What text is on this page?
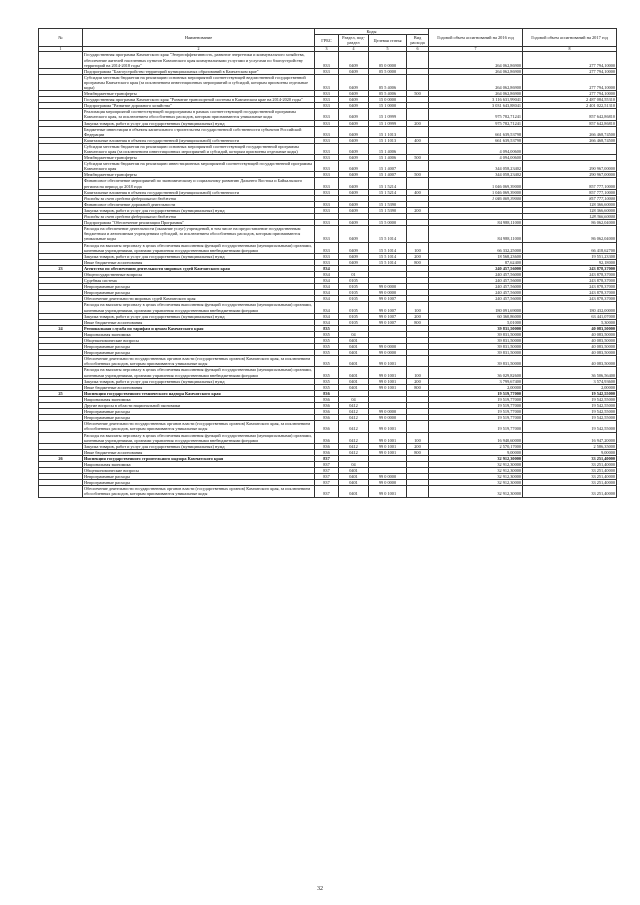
№	Наименование	Коды				Годовой объем ассигнований на 2016 год	Годовой объем ассигнований на 2017 год
		ГРБС	Раздел, под-раздел	Целевая статья	Вид расхода		
1	2	3	4	5	6	7	8
	Государственная программа Камчатского края "Энергоэффективность, развитие энергетики и коммунального хозяйства, обеспечение жителей населенных пунктов Камчатского края коммунальными услугами и услугами по благоустройству территорий на 2014-2018 годы"	833	0409	05 0 0000		264 062,86900	277 794,10000
	Подпрограмма "Благоустройство территорий муниципальных образований в Камчатском крае"	833	0409	05 5 0000		264 062,86900	277 794,10000
	Субсидии местным бюджетам на реализацию основных мероприятий соответствующей ведомственной государственной программы Камчатского края (за исключением инвестиционных мероприятий и субсидий, которым присвоены отдельные коды)	833	0409	05 5 4006		264 062,86900	277 794,10000
	Межбюджетные трансферты	833	0409	05 5 4006	500	264 062,86900	277 794,10000
	Государственная программа Камчатского края "Развитие транспортной системы в Камчатском крае на 2014-2020 годы"	833	0409	15 0 0000		3 116 631,99041	2 487 084,55310
	Подпрограмма "Развитие дорожного хозяйства"	833	0409	15 1 0000		3 031 643,88041	2 401 022,51310
	Реализация мероприятий соответствующей подпрограммы в рамках соответствующей государственной программы Камчатского края, за исключением обособленных расходов, которым присваиваются уникальные коды	833	0409	15 1 0999		975 782,71241	857 642,86810
	Закупка товаров, работ и услуг для государственных (муниципальных) нужд	833	0409	15 1 0999	200	975 782,71241	857 642,86810
	Бюджетные инвестиции в объекты капитального строительства государственной собственности субъектов Российской Федерации	833	0409	15 1 1013		661 639,53798	266 468,74500
	Капитальные вложения в объекты государственной (муниципальной) собственности	833	0409	15 1 1013	400	661 639,53798	266 468,74500
	Субсидии местным бюджетам на реализацию основных мероприятий соответствующей государственной программы Камчатского края (за исключением инвестиционных мероприятий и субсидий, которым присвоены отдельные коды)	833	0409	15 1 4006		4 094,00600	
	Межбюджетные трансферты	833	0409	15 1 4006	500	4 094,00600	
	Субсидии местным бюджетам на реализацию инвестиционных мероприятий соответствующей государственной программы Камчатского края	833	0409	15 1 4007		344 058,23402	290 967,00000
	Межбюджетные трансферты	833	0409	15 1 4007	500	344 058,23402	290 967,00000
	Финансовое обеспечение мероприятий по экономическому и социальному развитию Дальнего Востока и Байкальского региона на период до 2018 года	833	0409	15 1 5214		1 046 069,39000	857 777,10000
	Капитальные вложения в объекты государственной (муниципальной) собственности	833	0409	15 1 5214	400	1 046 069,39000	857 777,10000
	Расходы за счет средств федерального бюджета					1 046 069,39000	857 777,10000
	Финансовое обеспечение дорожной деятельности	833	0409	15 1 5390			128 366,60000
	Закупка товаров, работ и услуг для государственных (муниципальных) нужд	833	0409	15 1 5390	200		128 366,60000
	Расходы за счет средств федерального бюджета						128 366,60000
	Подпрограмма "Обеспечение реализации Программы"	833	0409	15 5 0000		84 988,11000	86 062,04000
	Расходы на обеспечение деятельности (оказание услуг) учреждений, в том числе на предоставление государственным бюджетным и автономным учреждениям субсидий, за исключением обособленных расходов, которым присваиваются уникальные коды	833	0409	15 5 1014		84 988,11000	86 062,04000
	Расходы на выплаты персоналу в целях обеспечения выполнения функций государственными (муниципальными) органами, казенными учреждениями, органами управления государственными внебюджетными фондами	833	0409	15 5 1014	100	66 332,25000	66 418,62700
	Закупка товаров, работ и услуг для государственных (муниципальных) нужд	833	0409	15 5 1014	200	18 568,23600	19 551,23300
	Иные бюджетные ассигнования	833	0409	15 5 1014	800	87,62400	92,18000
23	Агентство по обеспечению деятельности мировых судей Камчатского края	834				240 457,56000	243 878,37000
	Общегосударственные вопросы	834	01			240 457,56000	243 878,37000
	Судебная система	834	0105			240 457,56000	243 878,37000
	Непрограммные расходы	834	0105	99 0 0000		240 457,56000	243 878,37000
	Непрограммные расходы	834	0105	99 0 0000		240 457,56000	243 878,37000
	Обеспечение деятельности мировых судей Камчатского края	834	0105	99 0 1007		240 457,56000	243 878,37000
	Расходы на выплаты персоналу в целях обеспечения выполнения функций государственными (муниципальными) органами, казенными учреждениями, органами управления государственными внебюджетными фондами	834	0105	99 0 1007	100	180 091,69000	180 432,00000
	Закупка товаров, работ и услуг для государственных (муниципальных) нужд	834	0105	99 0 1007	200	60 360,86000	63 441,07000
	Иные бюджетные ассигнования	834	0105	99 0 1007	800	5,01000	5,30000
24	Региональная служба по тарифам и ценам Камчатского края	835				39 831,50000	40 083,50000
	Национальная экономика	835	04			39 831,50000	40 083,50000
	Общеэкономические вопросы	835	0401			39 831,50000	40 083,50000
	Непрограммные расходы	835	0401	99 0 0000		39 831,50000	40 083,50000
	Непрограммные расходы	835	0401	99 0 0000		39 831,50000	40 083,50000
	Обеспечение деятельности государственных органов власти (государственных органов) Камчатского края, за исключением обособленных расходов, которым присваиваются уникальные коды	835	0401	99 0 1001		39 831,50000	40 083,50000
	Расходы на выплаты персоналу в целях обеспечения выполнения функций государственными (муниципальными) органами, казенными учреждениями, органами управления государственными внебюджетными фондами	835	0401	99 0 1001	100	36 029,82600	36 506,56400
	Закупка товаров, работ и услуг для государственных (муниципальных) нужд	835	0401	99 0 1001	200	3 799,67400	3 574,93600
	Иные бюджетные ассигнования	835	0401	99 0 1001	800	2,00000	2,00000
25	Инспекция государственного технического надзора Камчатского края	836				19 519,77000	19 542,55000
	Национальная экономика	836	04			19 519,77000	19 542,55000
	Другие вопросы в области национальной экономики	836	0412			19 519,77000	19 542,55000
	Непрограммные расходы	836	0412	99 0 0000		19 519,77000	19 542,55000
	Непрограммные расходы	836	0412	99 0 0000		19 519,77000	19 542,55000
	Обеспечение деятельности государственных органов власти (государственных органов) Камчатского края, за исключением обособленных расходов, которым присваиваются уникальные коды	836	0412	99 0 1001		19 519,77000	19 542,55000
	Расходы на выплаты персоналу в целях обеспечения выполнения функций государственными (муниципальными) органами, казенными учреждениями, органами управления государственными внебюджетными фондами	836	0412	99 0 1001	100	16 940,60000	16 947,20000
	Закупка товаров, работ и услуг для государственных (муниципальных) нужд	836	0412	99 0 1001	200	2 570,17000	2 586,35000
	Иные бюджетные ассигнования	836	0412	99 0 1001	800	9,00000	9,00000
26	Инспекция государственного строительного надзора Камчатского края	837				32 912,30000	33 251,40000
	Национальная экономика	837	04			32 912,30000	33 251,40000
	Общеэкономические вопросы	837	0401			32 912,30000	33 251,40000
	Непрограммные расходы	837	0401	99 0 0000		32 912,30000	33 251,40000
	Непрограммные расходы	837	0401	99 0 0000		32 912,30000	33 251,40000
	Обеспечение деятельности государственных органов власти (государственных органов) Камчатского края, за исключением обособленных расходов, которым присваиваются уникальные коды	837	0401	99 0 1001		32 912,30000	33 251,40000
32
